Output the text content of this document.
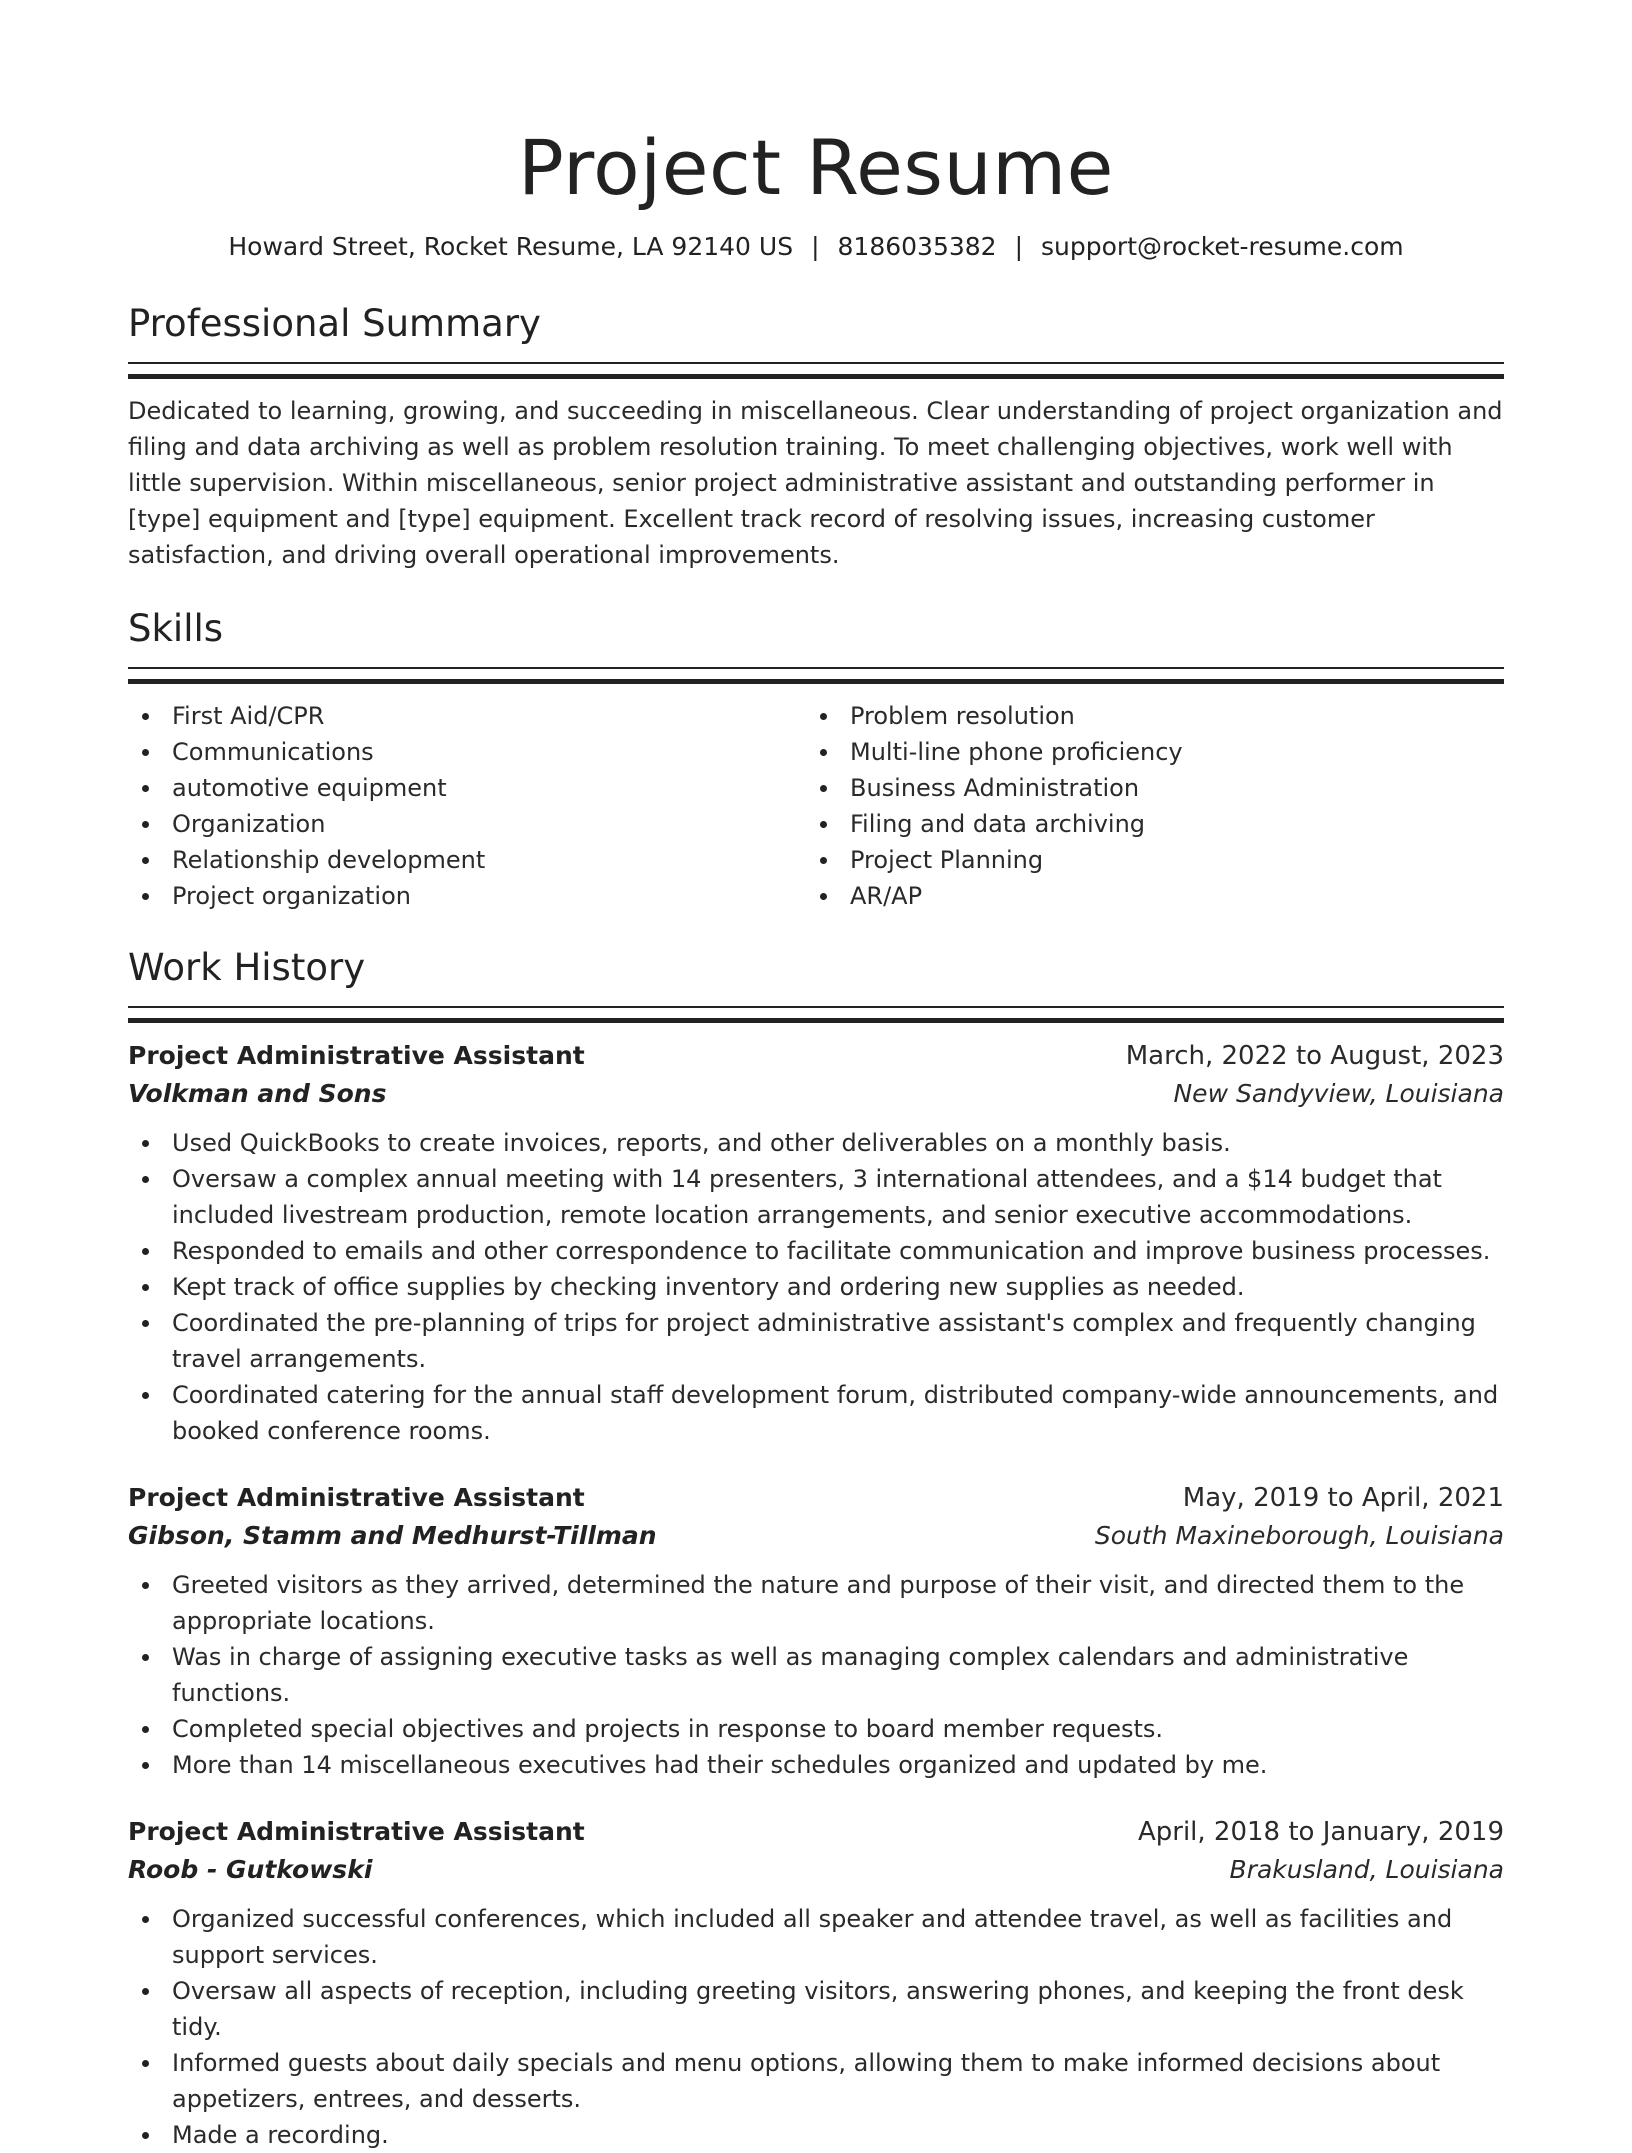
Project Resume
Howard Street, Rocket Resume, LA 92140 US | 8186035382 | support@rocket-resume.com
Professional Summary

Dedicated to learning, growing, and succeeding in miscellaneous. Clear understanding of project organization and filing and data archiving as well as problem resolution training. To meet challenging objectives, work well with little supervision. Within miscellaneous, senior project administrative assistant and outstanding performer in [type] equipment and [type] equipment. Excellent track record of resolving issues, increasing customer satisfaction, and driving overall operational improvements.

Skills
First Aid/CPR
Communications
automotive equipment
Organization
Relationship development
Project organization
Problem resolution
Multi-line phone proficiency
Business Administration
Filing and data archiving
Project Planning
AR/AP
Work History
Project Administrative Assistant	March, 2022 to August, 2023
Volkman and Sons	New Sandyview, Louisiana
Used QuickBooks to create invoices, reports, and other deliverables on a monthly basis.
Oversaw a complex annual meeting with 14 presenters, 3 international attendees, and a $14 budget that included livestream production, remote location arrangements, and senior executive accommodations.
Responded to emails and other correspondence to facilitate communication and improve business processes.
Kept track of office supplies by checking inventory and ordering new supplies as needed.
Coordinated the pre-planning of trips for project administrative assistant's complex and frequently changing travel arrangements.
Coordinated catering for the annual staff development forum, distributed company-wide announcements, and booked conference rooms.
Project Administrative Assistant	May, 2019 to April, 2021
Gibson, Stamm and Medhurst-Tillman	South Maxineborough, Louisiana
Greeted visitors as they arrived, determined the nature and purpose of their visit, and directed them to the appropriate locations.
Was in charge of assigning executive tasks as well as managing complex calendars and administrative functions.
Completed special objectives and projects in response to board member requests.
More than 14 miscellaneous executives had their schedules organized and updated by me.
Project Administrative Assistant	April, 2018 to January, 2019
Roob - Gutkowski	Brakusland, Louisiana
Organized successful conferences, which included all speaker and attendee travel, as well as facilities and support services.
Oversaw all aspects of reception, including greeting visitors, answering phones, and keeping the front desk tidy.
Informed guests about daily specials and menu options, allowing them to make informed decisions about appetizers, entrees, and desserts.
Made a recording.
